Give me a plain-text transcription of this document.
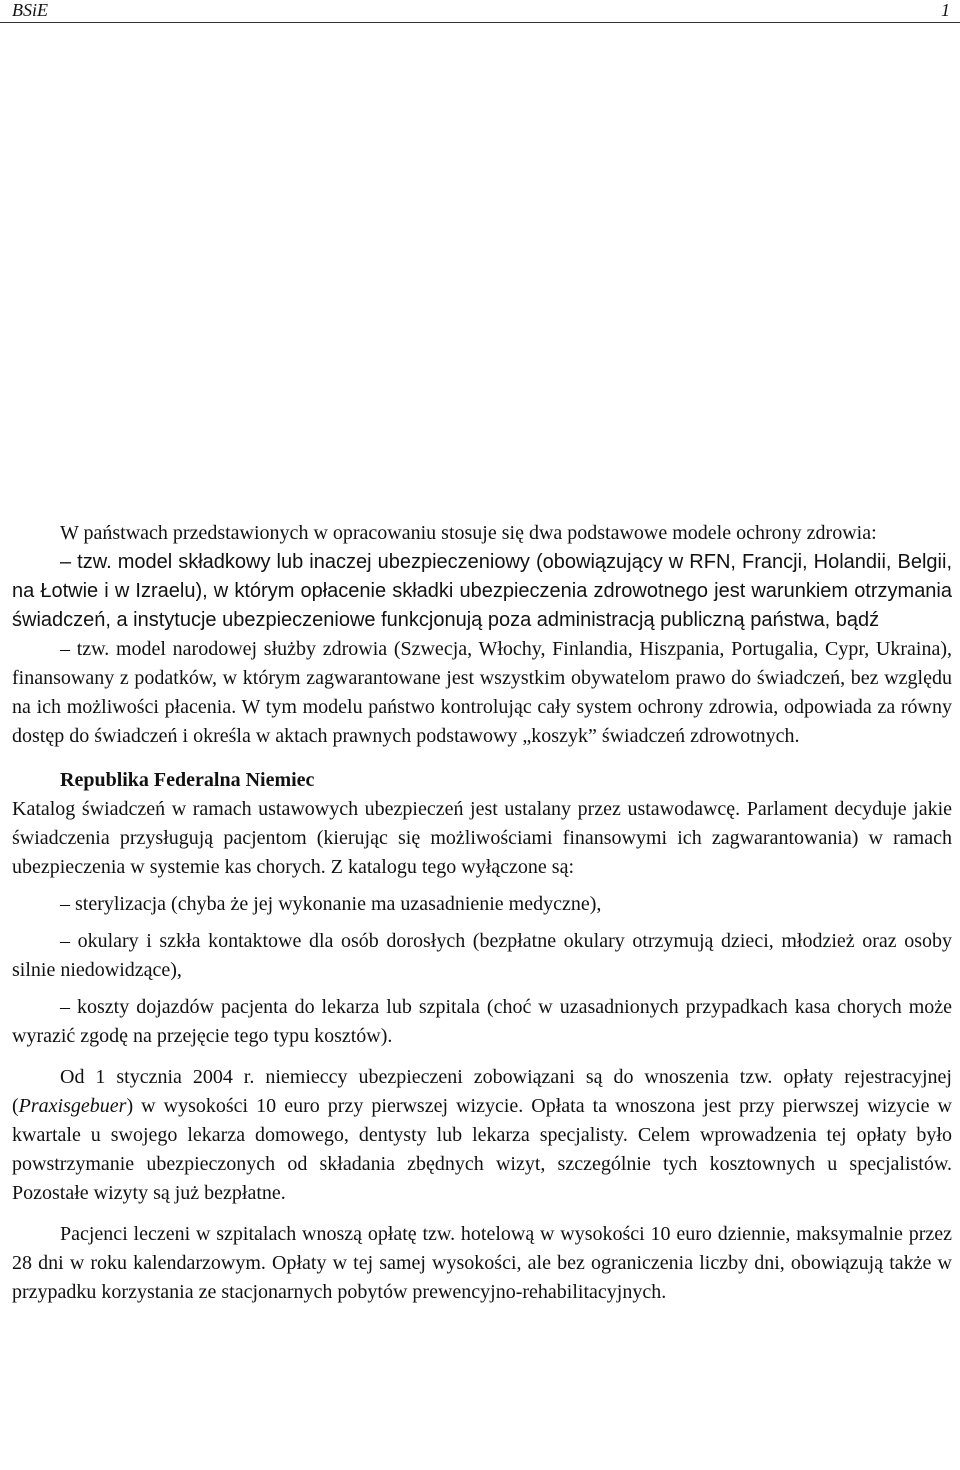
BSiE	1

W państwach przedstawionych w opracowaniu stosuje się dwa podstawowe modele ochrony zdrowia:

– tzw. model składkowy lub inaczej ubezpieczeniowy (obowiązujący w RFN, Francji, Holandii, Belgii, na Łotwie i w Izraelu), w którym opłacenie składki ubezpieczenia zdrowotnego jest warunkiem otrzymania świadczeń, a instytucje ubezpieczeniowe funkcjonują poza administracją publiczną państwa, bądź

– tzw. model narodowej służby zdrowia (Szwecja, Włochy, Finlandia, Hiszpania, Portugalia, Cypr, Ukraina), finansowany z podatków, w którym zagwarantowane jest wszystkim obywatelom prawo do świadczeń, bez względu na ich możliwości płacenia. W tym modelu państwo kontrolując cały system ochrony zdrowia, odpowiada za równy dostęp do świadczeń i określa w aktach prawnych podstawowy „koszyk” świadczeń zdrowotnych.

Republika Federalna Niemiec

Katalog świadczeń w ramach ustawowych ubezpieczeń jest ustalany przez ustawodawcę. Parlament decyduje jakie świadczenia przysługują pacjentom (kierując się możliwościami finansowymi ich zagwarantowania) w ramach ubezpieczenia w systemie kas chorych. Z katalogu tego wyłączone są:

– sterylizacja (chyba że jej wykonanie ma uzasadnienie medyczne),

– okulary i szkła kontaktowe dla osób dorosłych (bezpłatne okulary otrzymują dzieci, młodzież oraz osoby silnie niedowidzące),

– koszty dojazdów pacjenta do lekarza lub szpitala (choć w uzasadnionych przypadkach kasa chorych może wyrazić zgodę na przejęcie tego typu kosztów).

Od 1 stycznia 2004 r. niemieccy ubezpieczeni zobowiązani są do wnoszenia tzw. opłaty rejestracyjnej (Praxisgebuer) w wysokości 10 euro przy pierwszej wizycie. Opłata ta wnoszona jest przy pierwszej wizycie w kwartale u swojego lekarza domowego, dentysty lub lekarza specjalisty. Celem wprowadzenia tej opłaty było powstrzymanie ubezpieczonych od składania zbędnych wizyt, szczególnie tych kosztownych u specjalistów. Pozostałe wizyty są już bezpłatne.

Pacjenci leczeni w szpitalach wnoszą opłatę tzw. hotelową w wysokości 10 euro dziennie, maksymalnie przez 28 dni w roku kalendarzowym. Opłaty w tej samej wysokości, ale bez ograniczenia liczby dni, obowiązują także w przypadku korzystania ze stacjonarnych pobytów prewencyjno-rehabilitacyjnych.
